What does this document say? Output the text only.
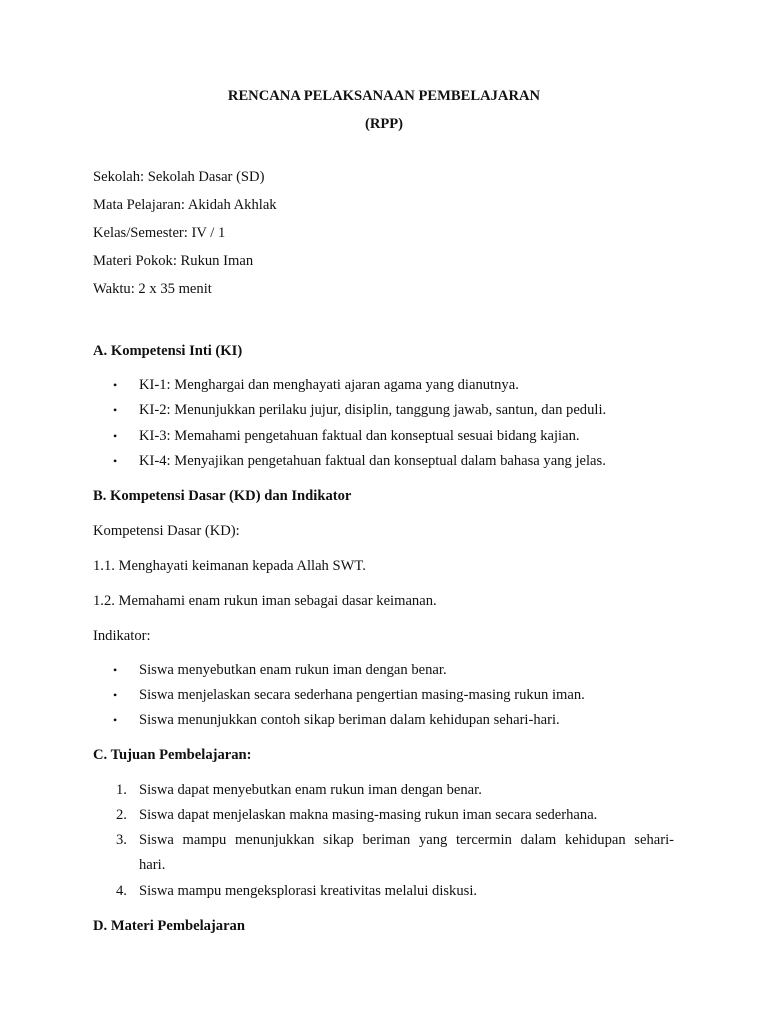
RENCANA PELAKSANAAN PEMBELAJARAN
(RPP)
Sekolah: Sekolah Dasar (SD)
Mata Pelajaran: Akidah Akhlak
Kelas/Semester: IV / 1
Materi Pokok: Rukun Iman
Waktu: 2 x 35 menit
A. Kompetensi Inti (KI)
• KI-1: Menghargai dan menghayati ajaran agama yang dianutnya.
• KI-2: Menunjukkan perilaku jujur, disiplin, tanggung jawab, santun, dan peduli.
• KI-3: Memahami pengetahuan faktual dan konseptual sesuai bidang kajian.
• KI-4: Menyajikan pengetahuan faktual dan konseptual dalam bahasa yang jelas.
B. Kompetensi Dasar (KD) dan Indikator
Kompetensi Dasar (KD):
1.1. Menghayati keimanan kepada Allah SWT.
1.2. Memahami enam rukun iman sebagai dasar keimanan.
Indikator:
• Siswa menyebutkan enam rukun iman dengan benar.
• Siswa menjelaskan secara sederhana pengertian masing-masing rukun iman.
• Siswa menunjukkan contoh sikap beriman dalam kehidupan sehari-hari.
C. Tujuan Pembelajaran:
1. Siswa dapat menyebutkan enam rukun iman dengan benar.
2. Siswa dapat menjelaskan makna masing-masing rukun iman secara sederhana.
3. Siswa mampu menunjukkan sikap beriman yang tercermin dalam kehidupan sehari-
hari.
4. Siswa mampu mengeksplorasi kreativitas melalui diskusi.
D. Materi Pembelajaran
